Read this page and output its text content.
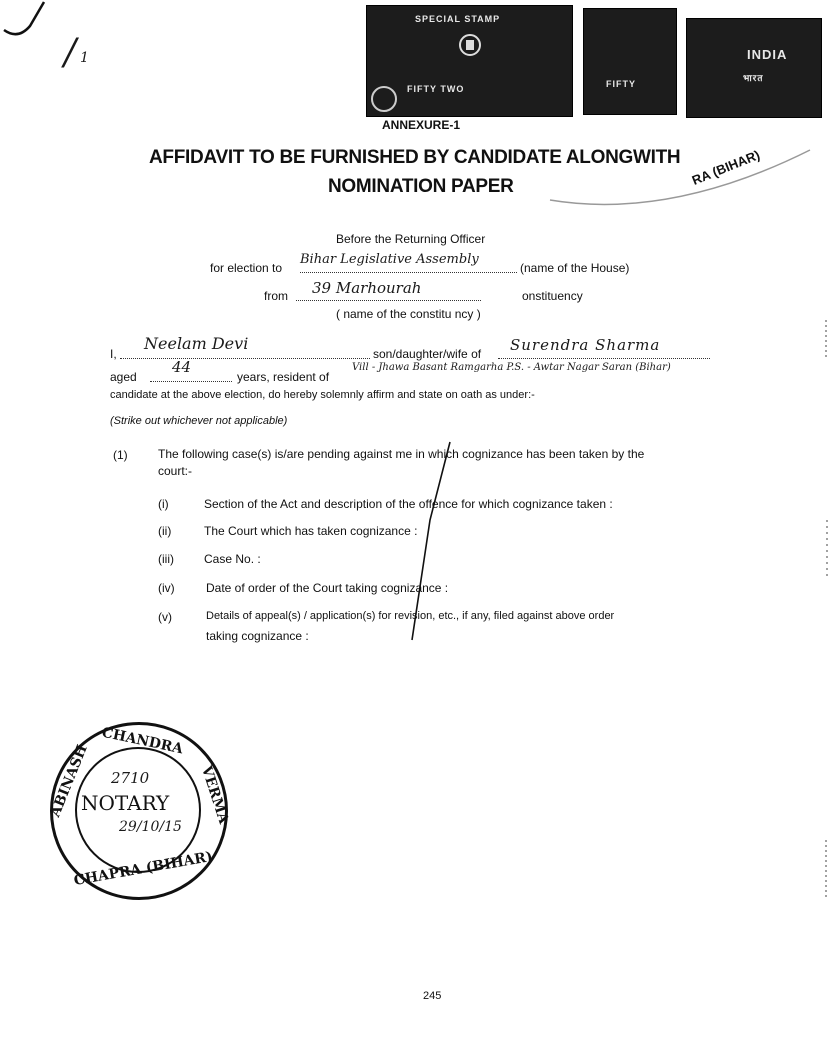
/ 1
SPECIAL STAMP
FIFTY TWO	FIFTY
INDIA
भारत
ANNEXURE-1
AFFIDAVIT TO BE FURNISHED BY CANDIDATE ALONGWITH
NOMINATION PAPER	RA (BIHAR)
Before the Returning Officer
for election to
Bihar Legislative Assembly
(name of the House)
from 39 Marhourah	onstituency
( name of the constitu ncy )
I,
Neelam Devi
son/daughter/wife of Surendra Sharma
aged
44
years, resident of
Vill - Jhawa Basant Ramgarha P.S. - Awtar Nagar Saran (Bihar)
candidate at the above election, do hereby solemnly affirm and state on oath as under:-
(Strike out whichever not applicable)
(1)	The following case(s) is/are pending against me in which cognizance has been taken by the
court:-
(i)	Section of the Act and description of the offence for which cognizance taken :
(ii)	The Court which has taken cognizance :
(iii)	Case No. :
(iv)	Date of order of the Court taking cognizance :
(v)	Details of appeal(s) / application(s) for revision, etc., if any, filed against above order
taking cognizance :
CHANDRA
ABINASH	VERMA
CHAPRA (BIHAR)
NOTARY
2710
29/10/15
245
